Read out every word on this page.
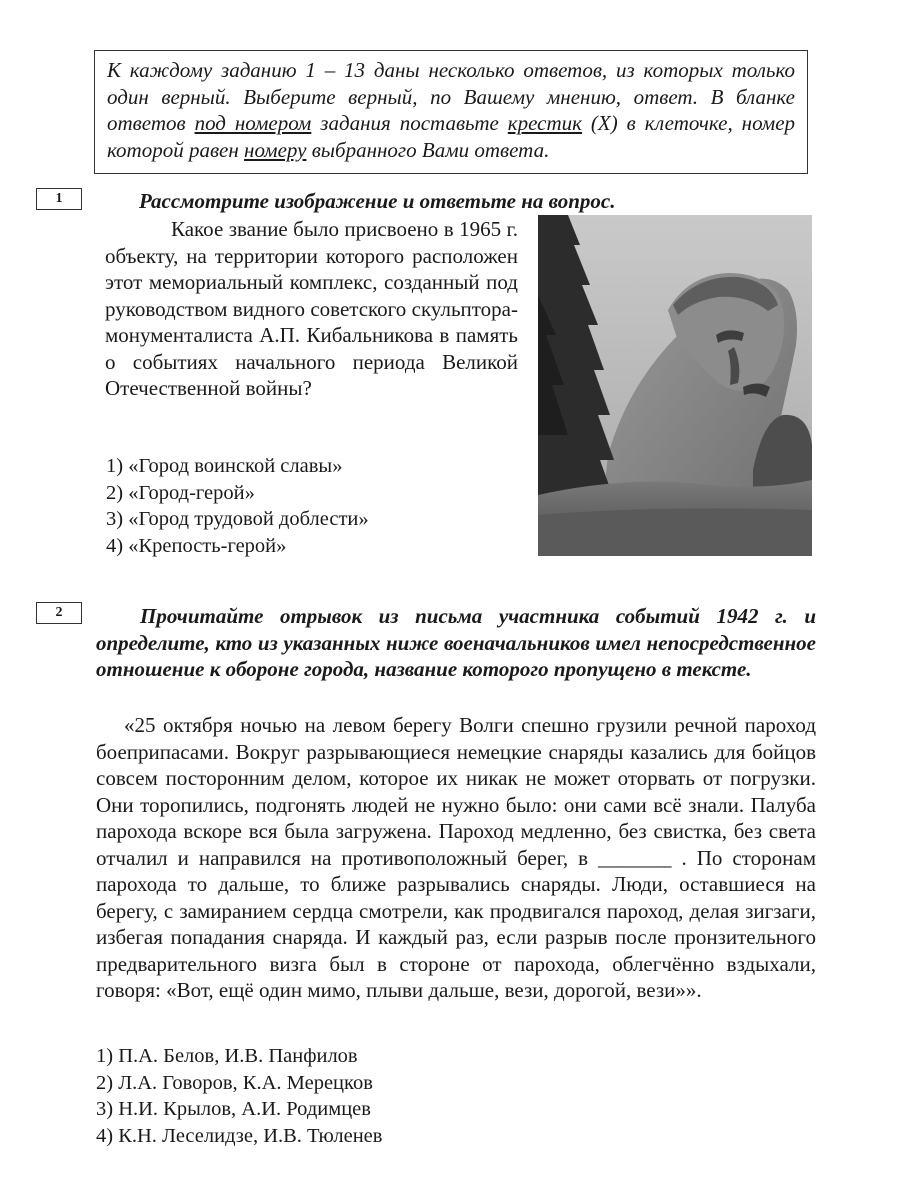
К каждому заданию 1 – 13 даны несколько ответов, из которых только один верный. Выберите верный, по Вашему мнению, ответ. В бланке ответов под номером задания поставьте крестик (Х) в клеточке, номер которой равен номеру выбранного Вами ответа.
1	Рассмотрите изображение и ответьте на вопрос.
Какое звание было присвоено в 1965 г. объекту, на территории которого расположен этот мемориальный комплекс, созданный под руководством видного советского скульптора-монументалиста А.П. Кибальникова в память о событиях начального периода Великой Отечественной войны?
1) «Город воинской славы»
2) «Город-герой»
3) «Город трудовой доблести»
4) «Крепость-герой»
2	Прочитайте отрывок из письма участника событий 1942 г. и определите, кто из указанных ниже военачальников имел непосредственное отношение к обороне города, название которого пропущено в тексте.
«25 октября ночью на левом берегу Волги спешно грузили речной пароход боеприпасами. Вокруг разрывающиеся немецкие снаряды казались для бойцов совсем посторонним делом, которое их никак не может оторвать от погрузки. Они торопились, подгонять людей не нужно было: они сами всё знали. Палуба парохода вскоре вся была загружена. Пароход медленно, без свистка, без света отчалил и направился на противоположный берег, в _______ . По сторонам парохода то дальше, то ближе разрывались снаряды. Люди, оставшиеся на берегу, с замиранием сердца смотрели, как продвигался пароход, делая зигзаги, избегая попадания снаряда. И каждый раз, если разрыв после пронзительного предварительного визга был в стороне от парохода, облегчённо вздыхали, говоря: «Вот, ещё один мимо, плыви дальше, вези, дорогой, вези»».
1) П.А. Белов, И.В. Панфилов
2) Л.А. Говоров, К.А. Мерецков
3) Н.И. Крылов, А.И. Родимцев
4) К.Н. Леселидзе, И.В. Тюленев
